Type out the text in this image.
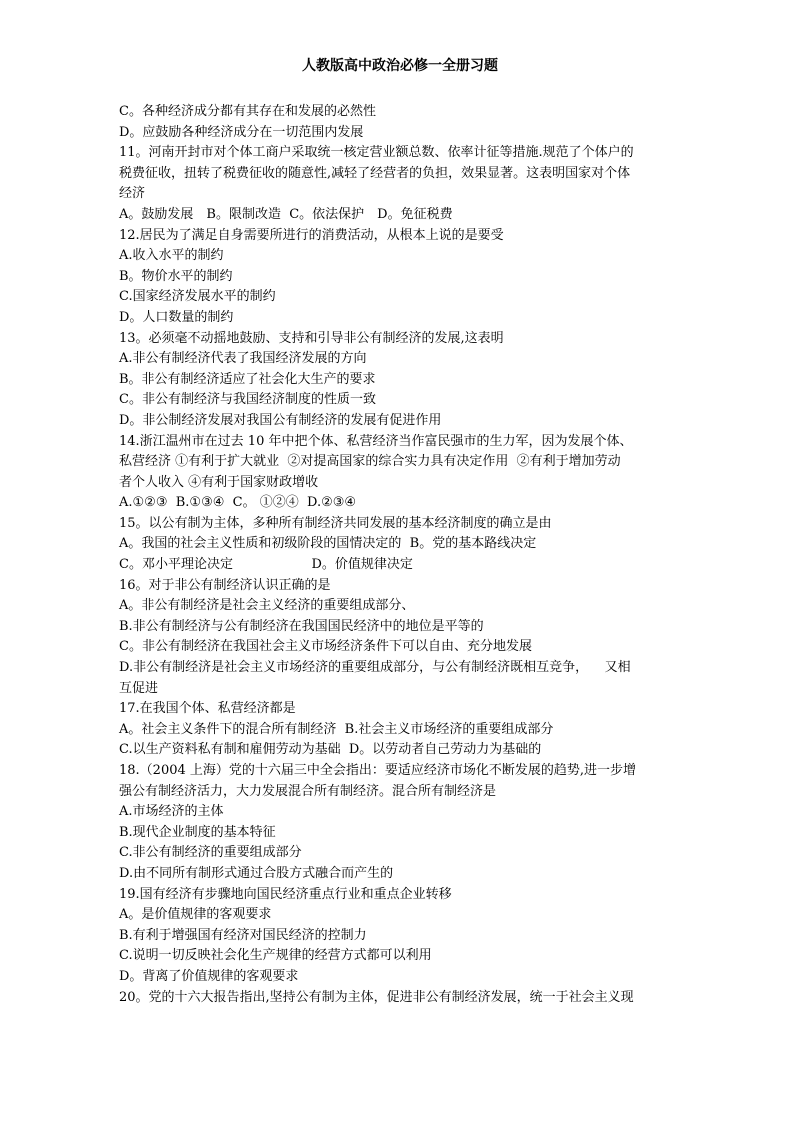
人教版高中政治必修一全册习题
C。各种经济成分都有其存在和发展的必然性
D。应鼓励各种经济成分在一切范围内发展
11。河南开封市对个体工商户采取统一核定营业额总数、依率计征等措施.规范了个体户的
税费征收，扭转了税费征收的随意性,减轻了经营者的负担，效果显著。这表明国家对个体
经济
A。鼓励发展　B。限制改造  C。依法保护　D。免征税费
12.居民为了满足自身需要所进行的消费活动，从根本上说的是要受
A.收入水平的制约
B。物价水平的制约
C.国家经济发展水平的制约
D。人口数量的制约
13。必须毫不动摇地鼓励、支持和引导非公有制经济的发展,这表明
A.非公有制经济代表了我国经济发展的方向
B。非公有制经济适应了社会化大生产的要求
C。非公有制经济与我国经济制度的性质一致
D。非公制经济发展对我国公有制经济的发展有促进作用
14.浙江温州市在过去 10 年中把个体、私营经济当作富民强市的生力军，因为发展个体、
私营经济 ①有利于扩大就业  ②对提高国家的综合实力具有决定作用  ②有利于增加劳动
者个人收入 ④有利于国家财政增收
A.①②③  B.①③④  C。 ①②④  D.②③④
15。以公有制为主体，多种所有制经济共同发展的基本经济制度的确立是由
A。我国的社会主义性质和初级阶段的国情决定的  B。党的基本路线决定
C。邓小平理论决定                   D。价值规律决定
16。对于非公有制经济认识正确的是
A。非公有制经济是社会主义经济的重要组成部分、
B.非公有制经济与公有制经济在我国国民经济中的地位是平等的
C。非公有制经济在我国社会主义市场经济条件下可以自由、充分地发展
D.非公有制经济是社会主义市场经济的重要组成部分，与公有制经济既相互竞争，    又相
互促进
17.在我国个体、私营经济都是
A。社会主义条件下的混合所有制经济  B.社会主义市场经济的重要组成部分
C.以生产资料私有制和雇佣劳动为基础  D。以劳动者自己劳动力为基础的
18.（2004 上海）党的十六届三中全会指出：要适应经济市场化不断发展的趋势,进一步增
强公有制经济活力，大力发展混合所有制经济。混合所有制经济是
A.市场经济的主体
B.现代企业制度的基本特征
C.非公有制经济的重要组成部分
D.由不同所有制形式通过合股方式融合而产生的
19.国有经济有步骤地向国民经济重点行业和重点企业转移
A。是价值规律的客观要求
B.有利于增强国有经济对国民经济的控制力
C.说明一切反映社会化生产规律的经营方式都可以利用
D。背离了价值规律的客观要求
20。党的十六大报告指出,坚持公有制为主体，促进非公有制经济发展，统一于社会主义现
